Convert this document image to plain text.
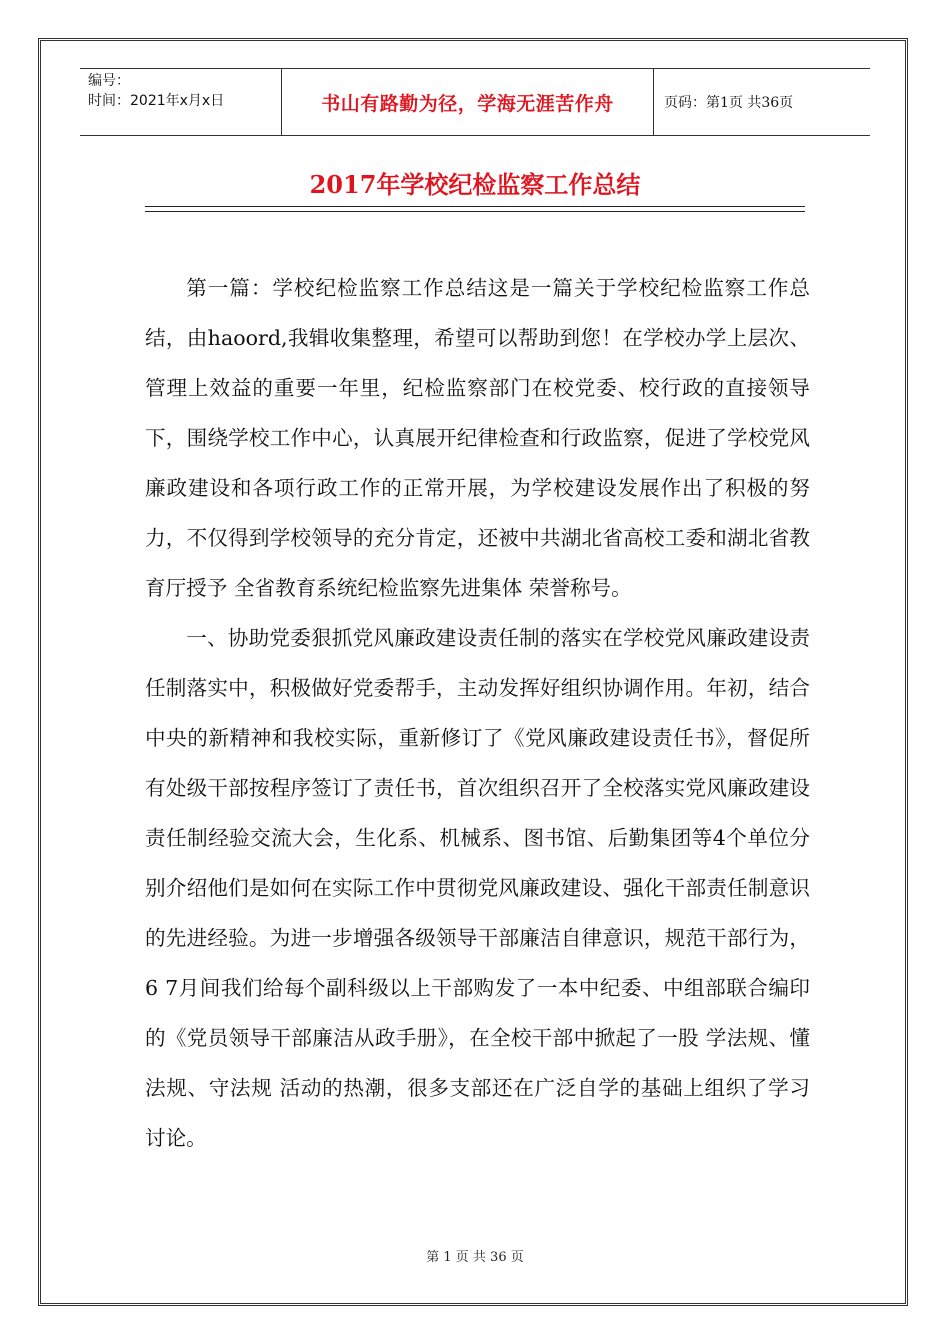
编号：
时间：2021年x月x日	书山有路勤为径，学海无涯苦作舟	页码：第1页 共36页
2017年学校纪检监察工作总结

第一篇：学校纪检监察工作总结这是一篇关于学校纪检监察工作总结，由haoord,我辑收集整理，希望可以帮助到您！在学校办学上层次、管理上效益的重要一年里，纪检监察部门在校党委、校行政的直接领导下，围绕学校工作中心，认真展开纪律检查和行政监察，促进了学校党风廉政建设和各项行政工作的正常开展，为学校建设发展作出了积极的努力，不仅得到学校领导的充分肯定，还被中共湖北省高校工委和湖北省教育厅授予 全省教育系统纪检监察先进集体 荣誉称号。

一、协助党委狠抓党风廉政建设责任制的落实在学校党风廉政建设责任制落实中，积极做好党委帮手，主动发挥好组织协调作用。年初，结合中央的新精神和我校实际，重新修订了《党风廉政建设责任书》，督促所有处级干部按程序签订了责任书，首次组织召开了全校落实党风廉政建设责任制经验交流大会，生化系、机械系、图书馆、后勤集团等4个单位分别介绍他们是如何在实际工作中贯彻党风廉政建设、强化干部责任制意识的先进经验。为进一步增强各级领导干部廉洁自律意识，规范干部行为，6 7月间我们给每个副科级以上干部购发了一本中纪委、中组部联合编印的《党员领导干部廉洁从政手册》，在全校干部中掀起了一股 学法规、懂法规、守法规 活动的热潮，很多支部还在广泛自学的基础上组织了学习讨论。

第 1 页 共 36 页
